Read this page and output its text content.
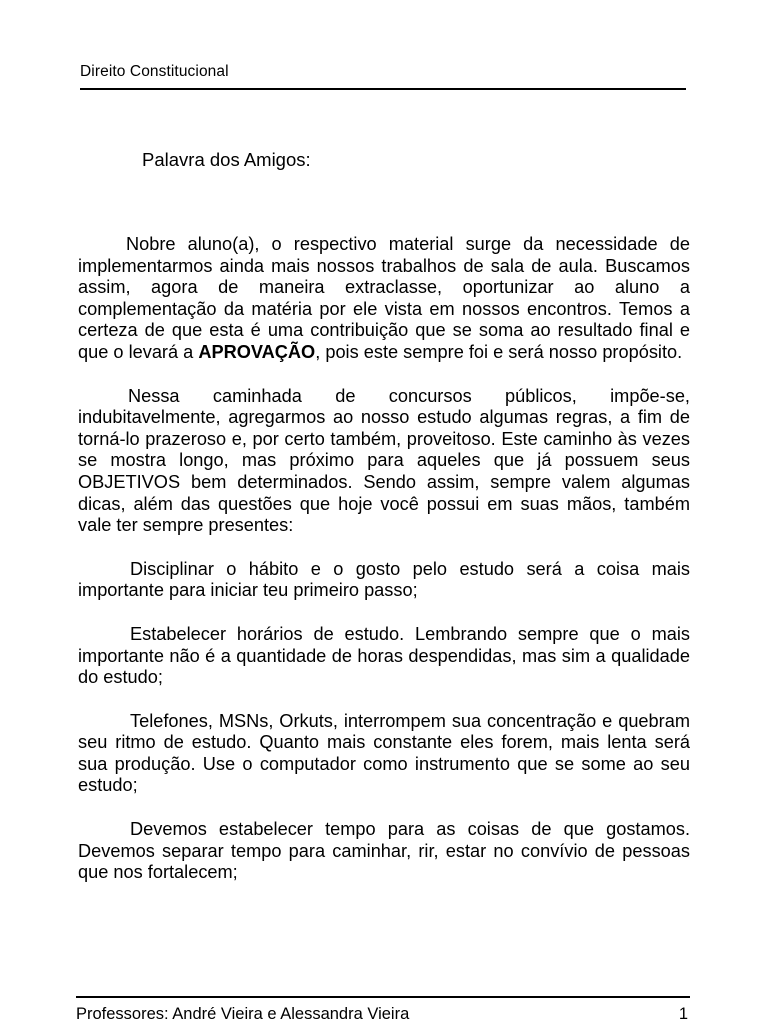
Direito Constitucional
Palavra dos Amigos:

Nobre aluno(a), o respectivo material surge da necessidade de implementarmos ainda mais nossos trabalhos de sala de aula. Buscamos assim, agora de maneira extraclasse, oportunizar ao aluno a complementação da matéria por ele vista em nossos encontros. Temos a certeza de que esta é uma contribuição que se soma ao resultado final e que o levará a APROVAÇÃO, pois este sempre foi e será nosso propósito.

Nessa caminhada de concursos públicos, impõe-se, indubitavelmente, agregarmos ao nosso estudo algumas regras, a fim de torná-lo prazeroso e, por certo também, proveitoso. Este caminho às vezes se mostra longo, mas próximo para aqueles que já possuem seus OBJETIVOS bem determinados. Sendo assim, sempre valem algumas dicas, além das questões que hoje você possui em suas mãos, também vale ter sempre presentes:

Disciplinar o hábito e o gosto pelo estudo será a coisa mais importante para iniciar teu primeiro passo;

Estabelecer horários de estudo. Lembrando sempre que o mais importante não é a quantidade de horas despendidas, mas sim a qualidade do estudo;

Telefones, MSNs, Orkuts, interrompem sua concentração e quebram seu ritmo de estudo. Quanto mais constante eles forem, mais lenta será sua produção. Use o computador como instrumento que se some ao seu estudo;

Devemos estabelecer tempo para as coisas de que gostamos. Devemos separar tempo para caminhar, rir, estar no convívio de pessoas que nos fortalecem;

Professores: André Vieira e Alessandra Vieira	1
